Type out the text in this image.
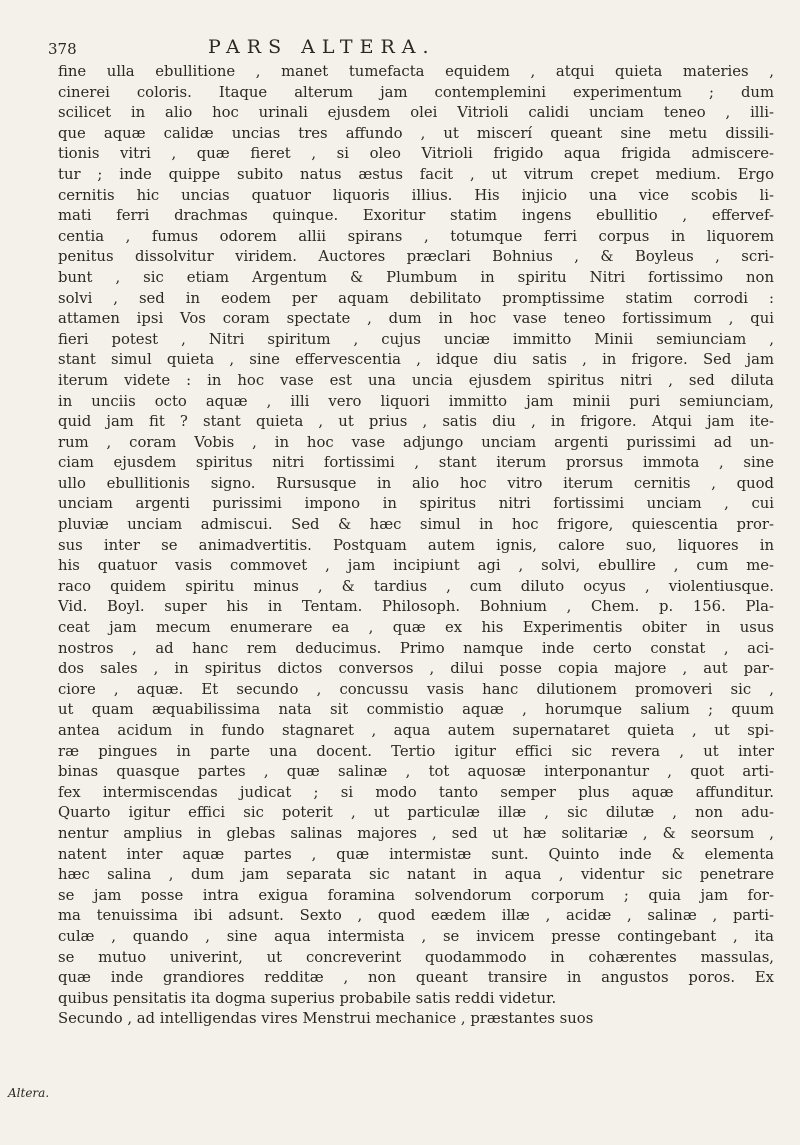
378	PARS ALTERA.
fine ulla ebullitione , manet tumefacta equidem , atqui quieta materies ,
cinerei coloris. Itaque alterum jam contemplemini experimentum ; dum
scilicet in alio hoc urinali ejusdem olei Vitrioli calidi unciam teneo , illi-
que aquæ calidæ uncias tres affundo , ut miscerí queant sine metu dissili-
tionis vitri , quæ fieret , si oleo Vitrioli frigido aqua frigida admiscere-
tur ; inde quippe subito natus æstus facit , ut vitrum crepet medium. Ergo
cernitis hic uncias quatuor liquoris illius. His injicio una vice scobis li-
mati ferri drachmas quinque. Exoritur statim ingens ebullitio , effervef-
centia , fumus odorem allii spirans , totumque ferri corpus in liquorem
penitus dissolvitur viridem. Auctores præclari Bohnius , & Boyleus , scri-
bunt , sic etiam Argentum & Plumbum in spiritu Nitri fortissimo non
solvi , sed in eodem per aquam debilitato promptissime statim corrodi :
attamen ipsi Vos coram spectate , dum in hoc vase teneo fortissimum , qui
fieri potest , Nitri spiritum , cujus unciæ immitto Minii semiunciam ,
stant simul quieta , sine effervescentia , idque diu satis , in frigore. Sed jam
iterum videte : in hoc vase est una uncia ejusdem spiritus nitri , sed diluta
in unciis octo aquæ , illi vero liquori immitto jam minii puri semiunciam,
quid jam fit ? stant quieta , ut prius , satis diu , in frigore. Atqui jam ite-
rum , coram Vobis , in hoc vase adjungo unciam argenti purissimi ad un-
ciam ejusdem spiritus nitri fortissimi , stant iterum prorsus immota , sine
ullo ebullitionis signo. Rursusque in alio hoc vitro iterum cernitis , quod
unciam argenti purissimi impono in spiritus nitri fortissimi unciam , cui
pluviæ unciam admiscui. Sed & hæc simul in hoc frigore, quiescentia pror-
sus inter se animadvertitis. Postquam autem ignis, calore suo, liquores in
his quatuor vasis commovet , jam incipiunt agi , solvi, ebullire , cum me-
raco quidem spiritu minus , & tardius , cum diluto ocyus , violentiusque.
Vid. Boyl. super his in Tentam. Philosoph. Bohnium , Chem. p. 156. Pla-
ceat jam mecum enumerare ea , quæ ex his Experimentis obiter in usus
nostros , ad hanc rem deducimus. Primo namque inde certo constat , aci-
dos sales , in spiritus dictos conversos , dilui posse copia majore , aut par-
ciore , aquæ. Et secundo , concussu vasis hanc dilutionem promoveri sic ,
ut quam æquabilissima nata sit commistio aquæ , horumque salium ; quum
antea acidum in fundo stagnaret , aqua autem supernataret quieta , ut spi-
ræ pingues in parte una docent. Tertio igitur effici sic revera , ut inter
binas quasque partes , quæ salinæ , tot aquosæ interponantur , quot arti-
fex intermiscendas judicat ; si modo tanto semper plus aquæ affunditur.
Quarto igitur effici sic poterit , ut particulæ illæ , sic dilutæ , non adu-
nentur amplius in glebas salinas majores , sed ut hæ solitariæ , & seorsum ,
natent inter aquæ partes , quæ intermistæ sunt. Quinto inde & elementa
hæc salina , dum jam separata sic natant in aqua , videntur sic penetrare
se jam posse intra exigua foramina solvendorum corporum ; quia jam for-
ma tenuissima ibi adsunt. Sexto , quod eædem illæ , acidæ , salinæ , parti-
culæ , quando , sine aqua intermista , se invicem presse contingebant , ita
se mutuo univerint, ut concreverint quodammodo in cohærentes massulas,
quæ inde grandiores redditæ , non queant transire in angustos poros. Ex
quibus pensitatis ita dogma superius probabile satis reddi videtur.
Secundo , ad intelligendas vires Menstrui mechanice , præstantes suos
Altera.
